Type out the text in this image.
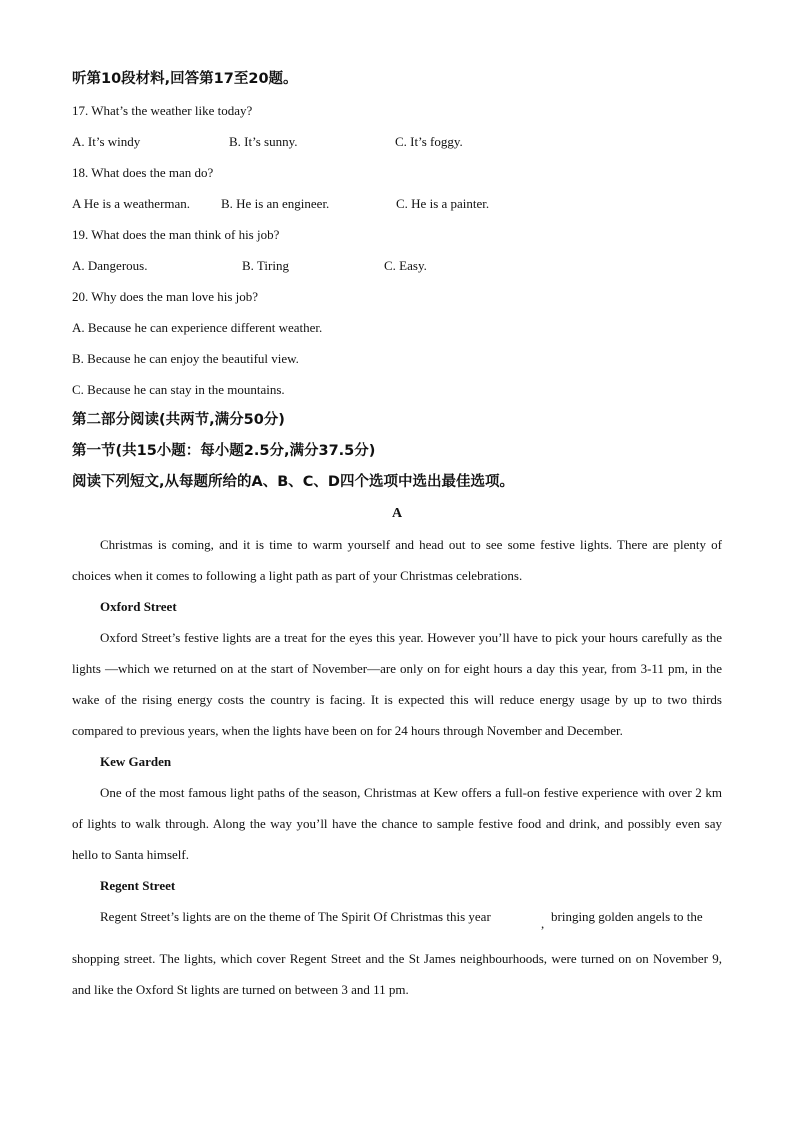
听第10段材料,回答第17至20题。
17. What’s the weather like today?
A. It’s windy	B. It’s sunny.	C. It’s foggy.
18. What does the man do?
A He is a weatherman. B. He is an engineer.	C. He is a painter.
19. What does the man think of his job?
A. Dangerous.	B. Tiring	C. Easy.
20. Why does the man love his job?
A. Because he can experience different weather.
B. Because he can enjoy the beautiful view.
C. Because he can stay in the mountains.
第二部分阅读(共两节,满分50分)
第一节(共15小题：每小题2.5分,满分37.5分)
阅读下列短文,从每题所给的A、B、C、D四个选项中选出最佳选项。
A

Christmas is coming, and it is time to warm yourself and head out to see some festive lights. There are plenty of choices when it comes to following a light path as part of your Christmas celebrations.

Oxford Street

Oxford Street’s festive lights are a treat for the eyes this year. However you’ll have to pick your hours carefully as the lights —which we returned on at the start of November—are only on for eight hours a day this year, from 3-11 pm, in the wake of the rising energy costs the country is facing. It is expected this will reduce energy usage by up to two thirds compared to previous years, when the lights have been on for 24 hours through November and December.

Kew Garden

One of the most famous light paths of the season, Christmas at Kew offers a full-on festive experience with over 2 km of lights to walk through. Along the way you’ll have the chance to sample festive food and drink, and possibly even say hello to Santa himself.

Regent Street
Regent Street’s lights are on the theme of The Spirit Of Christmas this year	, bringing golden angels to the

shopping street. The lights, which cover Regent Street and the St James neighbourhoods, were turned on on November 9, and like the Oxford St lights are turned on between 3 and 11 pm.
